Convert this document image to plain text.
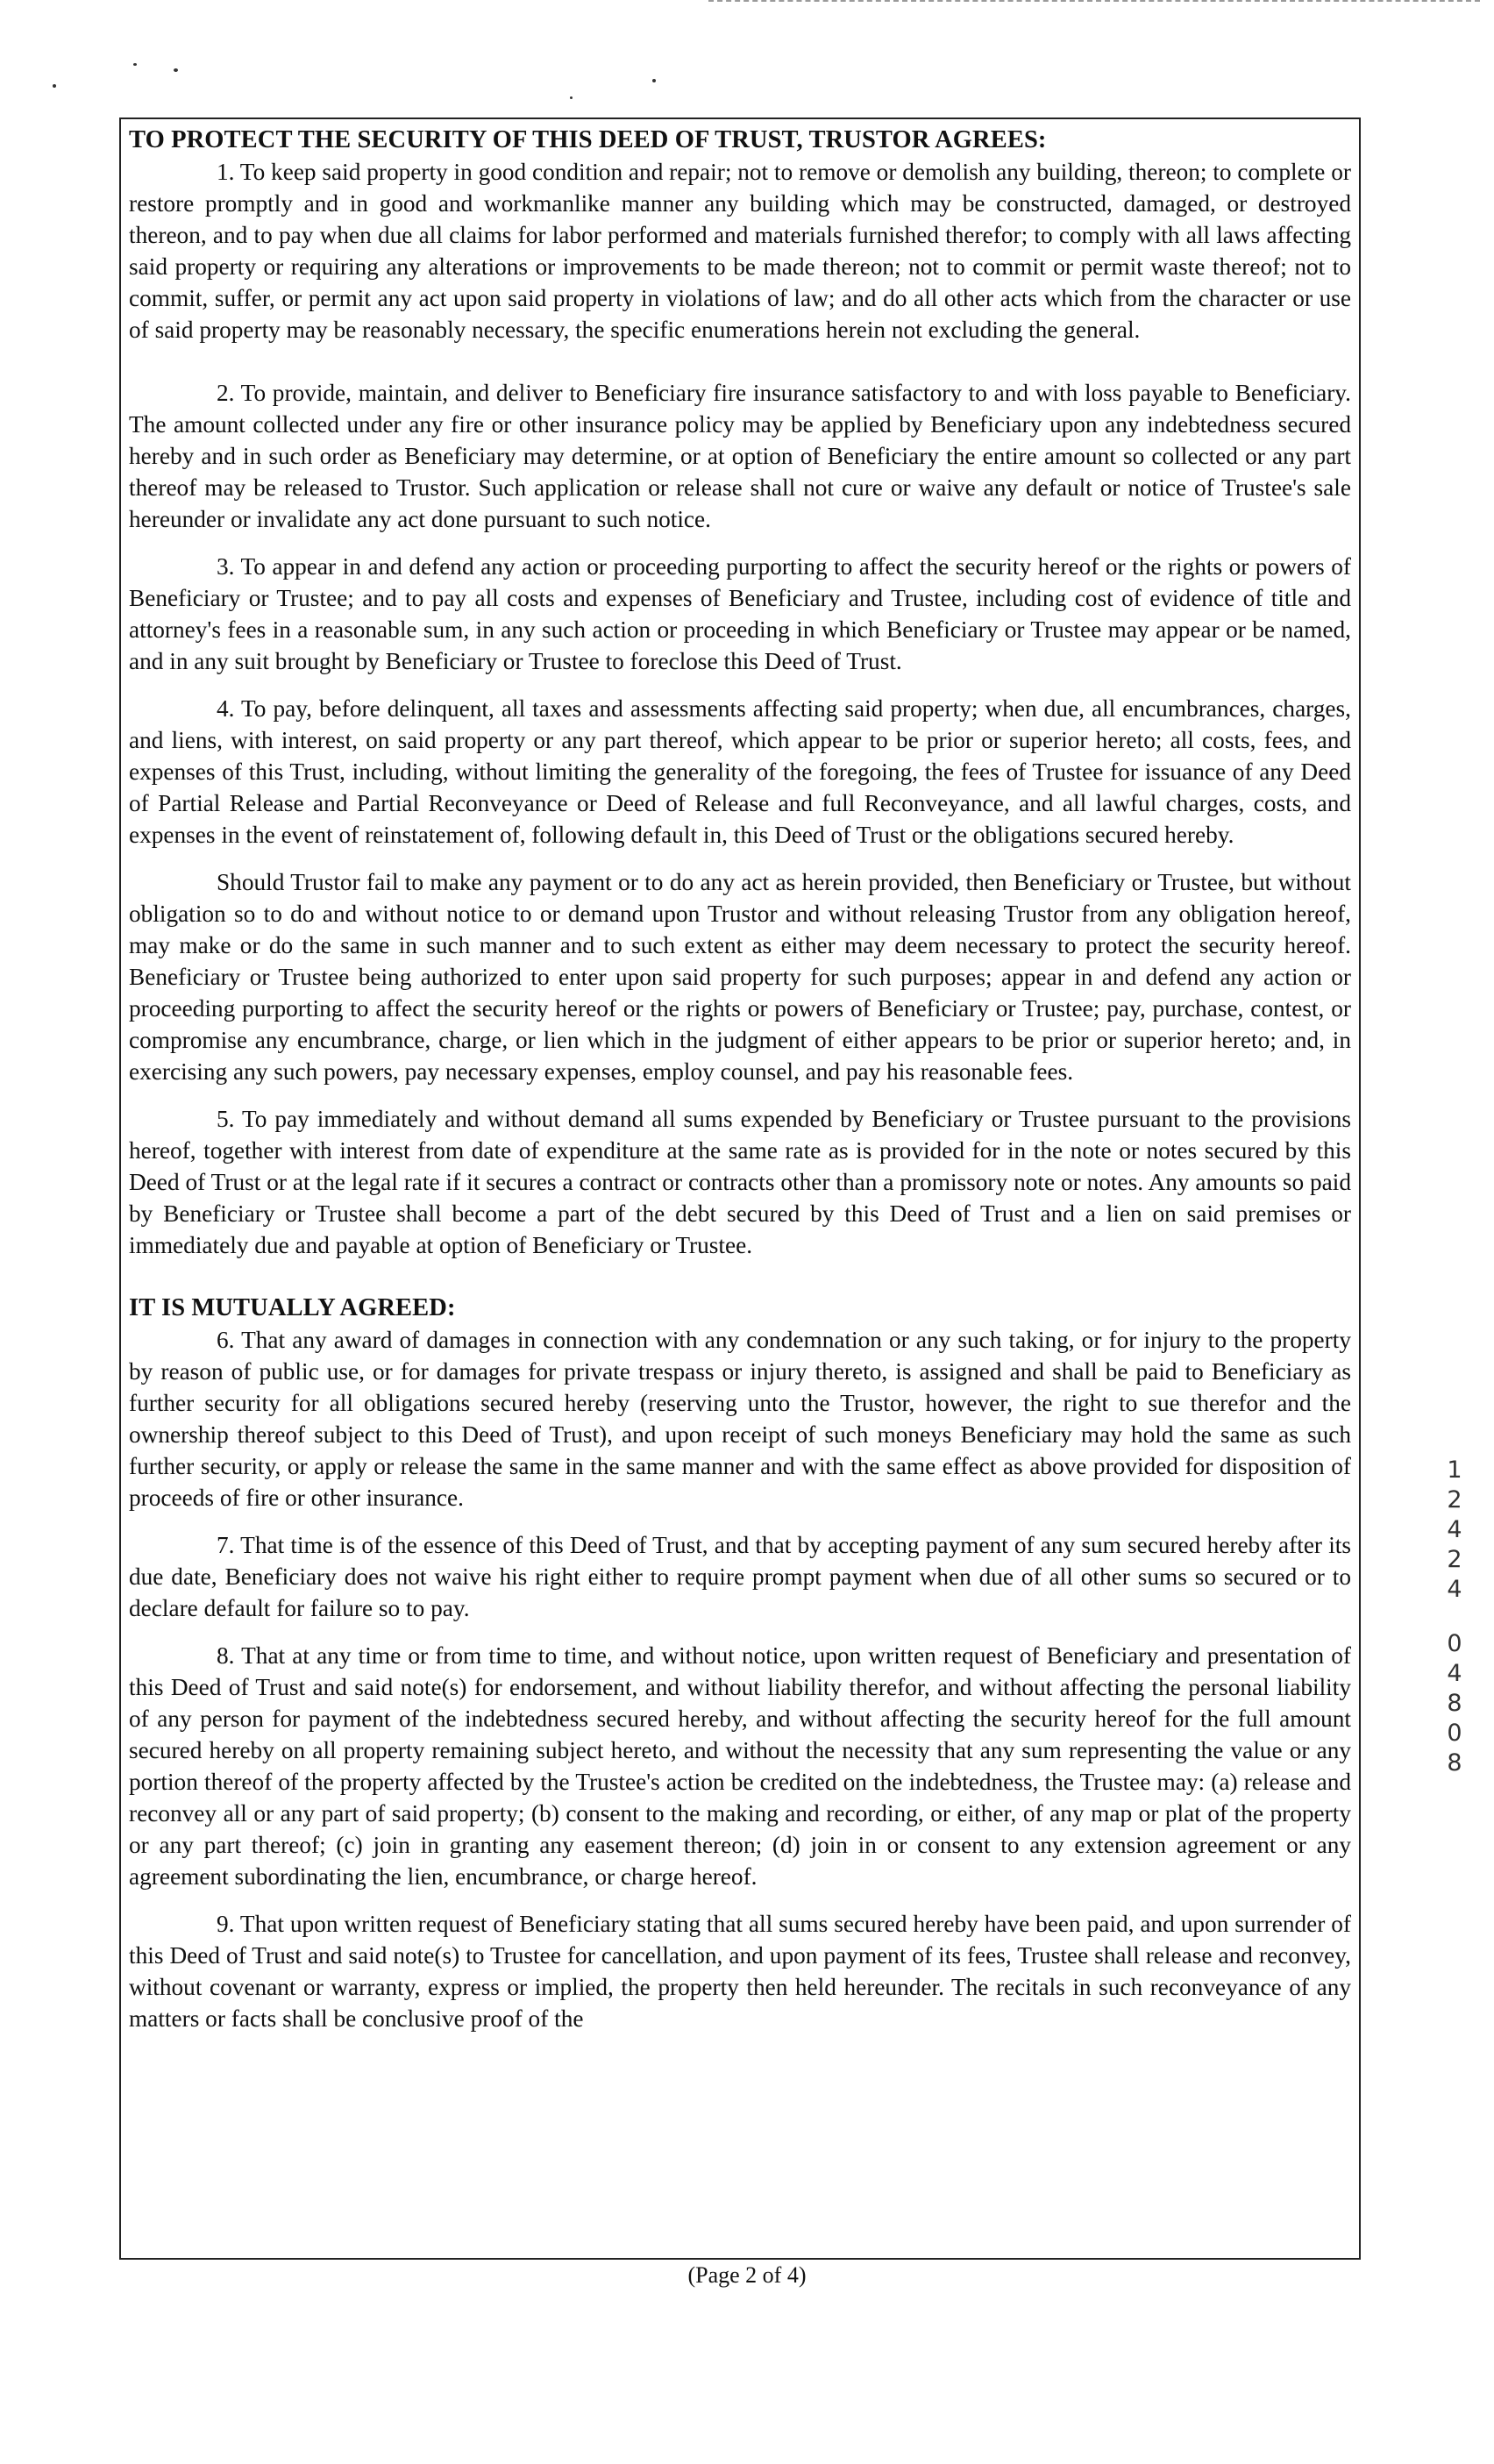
TO PROTECT THE SECURITY OF THIS DEED OF TRUST, TRUSTOR AGREES:

1. To keep said property in good condition and repair; not to remove or demolish any building, thereon; to complete or restore promptly and in good and workmanlike manner any building which may be constructed, damaged, or destroyed thereon, and to pay when due all claims for labor performed and materials furnished therefor; to comply with all laws affecting said property or requiring any alterations or improvements to be made thereon; not to commit or permit waste thereof; not to commit, suffer, or permit any act upon said property in violations of law; and do all other acts which from the character or use of said property may be reasonably necessary, the specific enumerations herein not excluding the general.

2. To provide, maintain, and deliver to Beneficiary fire insurance satisfactory to and with loss payable to Beneficiary. The amount collected under any fire or other insurance policy may be applied by Beneficiary upon any indebtedness secured hereby and in such order as Beneficiary may determine, or at option of Beneficiary the entire amount so collected or any part thereof may be released to Trustor. Such application or release shall not cure or waive any default or notice of Trustee's sale hereunder or invalidate any act done pursuant to such notice.

3. To appear in and defend any action or proceeding purporting to affect the security hereof or the rights or powers of Beneficiary or Trustee; and to pay all costs and expenses of Beneficiary and Trustee, including cost of evidence of title and attorney's fees in a reasonable sum, in any such action or proceeding in which Beneficiary or Trustee may appear or be named, and in any suit brought by Beneficiary or Trustee to foreclose this Deed of Trust.

4. To pay, before delinquent, all taxes and assessments affecting said property; when due, all encumbrances, charges, and liens, with interest, on said property or any part thereof, which appear to be prior or superior hereto; all costs, fees, and expenses of this Trust, including, without limiting the generality of the foregoing, the fees of Trustee for issuance of any Deed of Partial Release and Partial Reconveyance or Deed of Release and full Reconveyance, and all lawful charges, costs, and expenses in the event of reinstatement of, following default in, this Deed of Trust or the obligations secured hereby.

Should Trustor fail to make any payment or to do any act as herein provided, then Beneficiary or Trustee, but without obligation so to do and without notice to or demand upon Trustor and without releasing Trustor from any obligation hereof, may make or do the same in such manner and to such extent as either may deem necessary to protect the security hereof. Beneficiary or Trustee being authorized to enter upon said property for such purposes; appear in and defend any action or proceeding purporting to affect the security hereof or the rights or powers of Beneficiary or Trustee; pay, purchase, contest, or compromise any encumbrance, charge, or lien which in the judgment of either appears to be prior or superior hereto; and, in exercising any such powers, pay necessary expenses, employ counsel, and pay his reasonable fees.

5. To pay immediately and without demand all sums expended by Beneficiary or Trustee pursuant to the provisions hereof, together with interest from date of expenditure at the same rate as is provided for in the note or notes secured by this Deed of Trust or at the legal rate if it secures a contract or contracts other than a promissory note or notes. Any amounts so paid by Beneficiary or Trustee shall become a part of the debt secured by this Deed of Trust and a lien on said premises or immediately due and payable at option of Beneficiary or Trustee.

IT IS MUTUALLY AGREED:

6. That any award of damages in connection with any condemnation or any such taking, or for injury to the property by reason of public use, or for damages for private trespass or injury thereto, is assigned and shall be paid to Beneficiary as further security for all obligations secured hereby (reserving unto the Trustor, however, the right to sue therefor and the ownership thereof subject to this Deed of Trust), and upon receipt of such moneys Beneficiary may hold the same as such further security, or apply or release the same in the same manner and with the same effect as above provided for disposition of proceeds of fire or other insurance.

7. That time is of the essence of this Deed of Trust, and that by accepting payment of any sum secured hereby after its due date, Beneficiary does not waive his right either to require prompt payment when due of all other sums so secured or to declare default for failure so to pay.

8. That at any time or from time to time, and without notice, upon written request of Beneficiary and presentation of this Deed of Trust and said note(s) for endorsement, and without liability therefor, and without affecting the personal liability of any person for payment of the indebtedness secured hereby, and without affecting the security hereof for the full amount secured hereby on all property remaining subject hereto, and without the necessity that any sum representing the value or any portion thereof of the property affected by the Trustee's action be credited on the indebtedness, the Trustee may: (a) release and reconvey all or any part of said property; (b) consent to the making and recording, or either, of any map or plat of the property or any part thereof; (c) join in granting any easement thereon; (d) join in or consent to any extension agreement or any agreement subordinating the lien, encumbrance, or charge hereof.

9. That upon written request of Beneficiary stating that all sums secured hereby have been paid, and upon surrender of this Deed of Trust and said note(s) to Trustee for cancellation, and upon payment of its fees, Trustee shall release and reconvey, without covenant or warranty, express or implied, the property then held hereunder. The recitals in such reconveyance of any matters or facts shall be conclusive proof of the

1
2
4
2
4
0
4
8
0
8
(Page 2 of 4)
